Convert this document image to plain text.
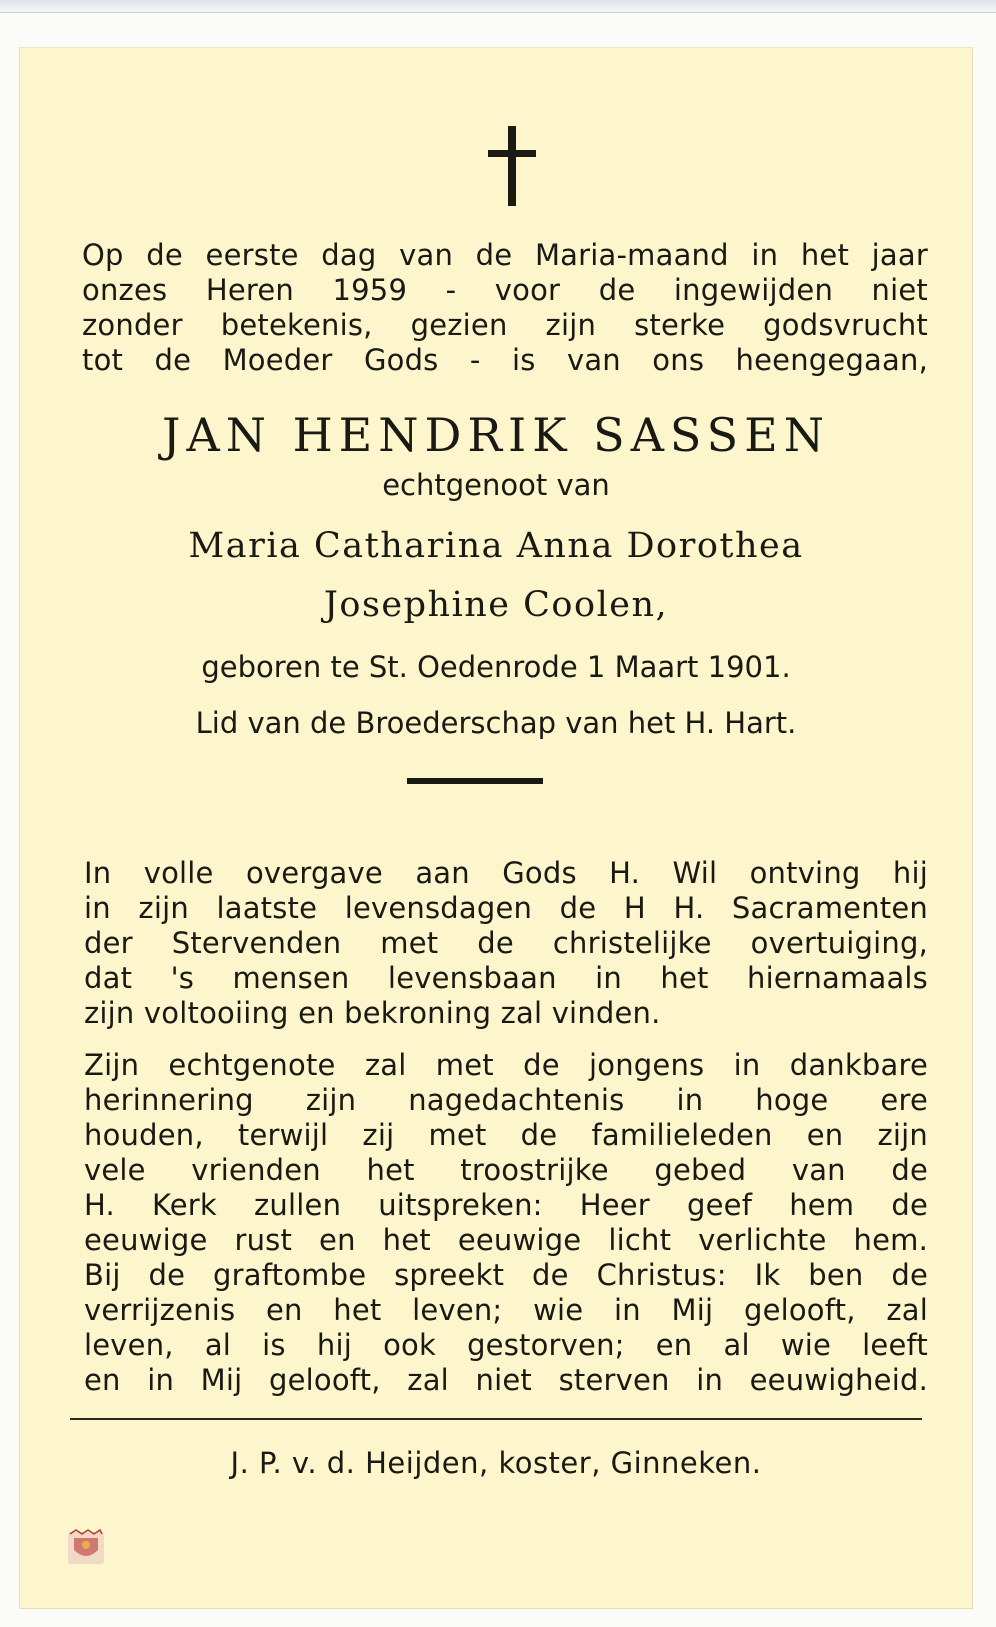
Op de eerste dag van de Maria-maand in het jaar
onzes Heren 1959 - voor de ingewijden niet
zonder betekenis, gezien zijn sterke godsvrucht
tot de Moeder Gods - is van ons heengegaan,

JAN HENDRIK SASSEN

echtgenoot van

Maria Catharina Anna Dorothea

Josephine Coolen,

geboren te St. Oedenrode 1 Maart 1901.

Lid van de Broederschap van het H. Hart.

In volle overgave aan Gods H. Wil ontving hij
in zijn laatste levensdagen de H H. Sacramenten
der Stervenden met de christelijke overtuiging,
dat 's mensen levensbaan in het hiernamaals
zijn voltooiing en bekroning zal vinden.

Zijn echtgenote zal met de jongens in dankbare
herinnering zijn nagedachtenis in hoge ere
houden, terwijl zij met de familieleden en zijn
vele vrienden het troostrijke gebed van de
H. Kerk zullen uitspreken: Heer geef hem de
eeuwige rust en het eeuwige licht verlichte hem.
Bij de graftombe spreekt de Christus: Ik ben de
verrijzenis en het leven; wie in Mij gelooft, zal
leven, al is hij ook gestorven; en al wie leeft
en in Mij gelooft, zal niet sterven in eeuwigheid.

J. P. v. d. Heijden, koster, Ginneken.
